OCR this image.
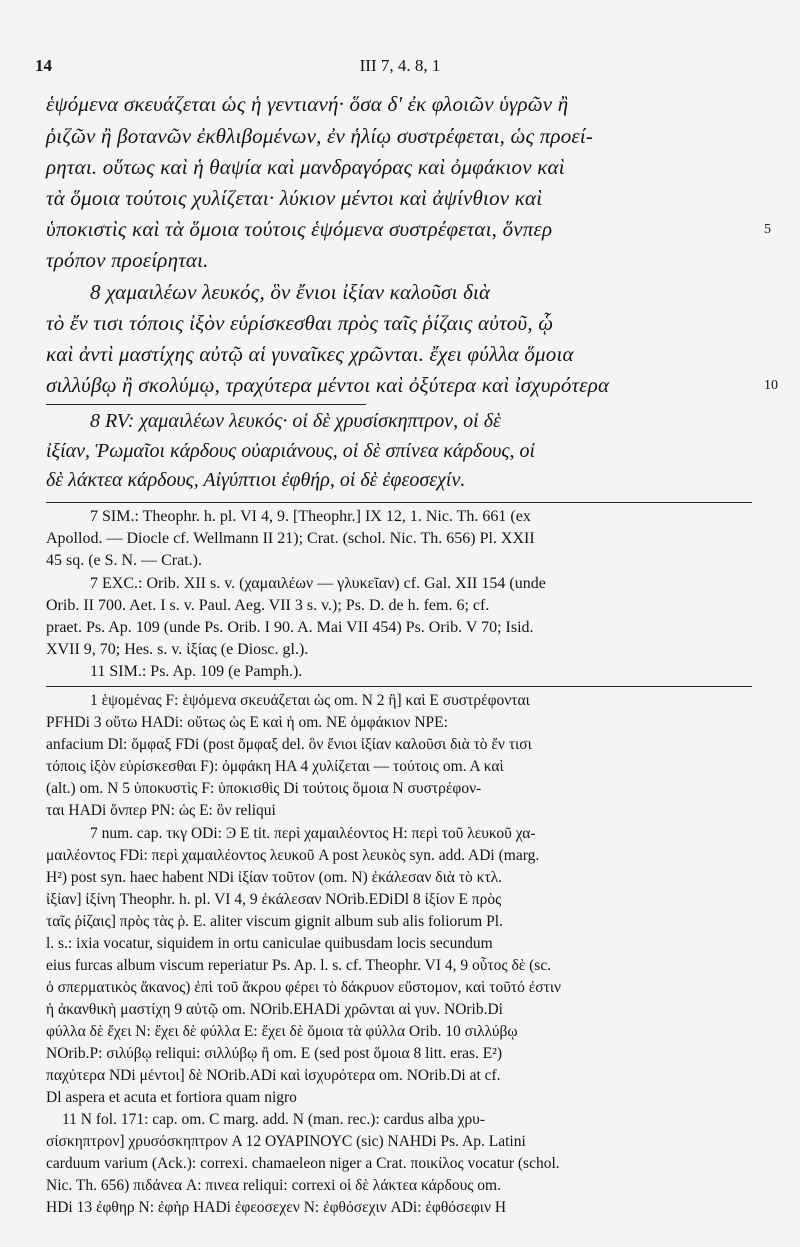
14	III 7, 4. 8, 1
ἑψόμενα σκευάζεται ὡς ἡ γεντιανή· ὅσα δ' ἐκ φλοιῶν ὑγρῶν ἢ
ῥιζῶν ἢ βοτανῶν ἐκθλιβομένων, ἐν ἡλίῳ συστρέφεται, ὡς προεί-
ρηται. οὕτως καὶ ἡ θαψία καὶ μανδραγόρας καὶ ὀμφάκιον καὶ
τὰ ὅμοια τούτοις χυλίζεται· λύκιον μέντοι καὶ ἀψίνθιον καὶ
ὑποκιστὶς καὶ τὰ ὅμοια τούτοις ἑψόμενα συστρέφεται, ὅνπερ
τρόπον προείρηται.
8 χαμαιλέων λευκός, ὃν ἔνιοι ἰξίαν καλοῦσι διὰ
τὸ ἔν τισι τόποις ἰξὸν εὑρίσκεσθαι πρὸς ταῖς ῥίζαις αὐτοῦ, ᾧ
καὶ ἀντὶ μαστίχης αὐτῷ αἱ γυναῖκες χρῶνται. ἔχει φύλλα ὅμοια
σιλλύβῳ ἢ σκολύμῳ, τραχύτερα μέντοι καὶ ὀξύτερα καὶ ἰσχυρότερα
5
10
8 RV: χαμαιλέων λευκός· οἱ δὲ χρυσίσκηπτρον, οἱ δὲ
ἰξίαν, Ῥωμαῖοι κάρδους οὐαριάνους, οἱ δὲ σπίνεα κάρδους, οἱ
δὲ λάκτεα κάρδους, Αἰγύπτιοι ἐφθήρ, οἱ δὲ ἐφεοσεχίν.
7 SIM.: Theophr. h. pl. VI 4, 9. [Theophr.] IX 12, 1. Nic. Th. 661 (ex
Apollod. — Diocle cf. Wellmann II 21); Crat. (schol. Nic. Th. 656) Pl. XXII
45 sq. (e S. N. — Crat.).
7 EXC.: Orib. XII s. v. (χαμαιλέων — γλυκεῖαν) cf. Gal. XII 154 (unde
Orib. II 700. Aet. I s. v. Paul. Aeg. VII 3 s. v.); Ps. D. de h. fem. 6; cf.
praet. Ps. Ap. 109 (unde Ps. Orib. I 90. A. Mai VII 454) Ps. Orib. V 70; Isid.
XVII 9, 70; Hes. s. v. ἰξίας (e Diosc. gl.).
11 SIM.: Ps. Ap. 109 (e Pamph.).
1 ἑψομένας F: ἑψόμενα σκευάζεται ὡς om. N 2 ἢ] καὶ E συστρέφονται
PFHDi 3 οὕτω HADi: οὕτως ὡς E καὶ ἡ om. NE ὀμφάκιον NPE:
anfacium Dl: ὄμφαξ FDi (post ὄμφαξ del. ὃν ἔνιοι ἰξίαν καλοῦσι διὰ τὸ ἔν τισι
τόποις ἰξὸν εὑρίσκεσθαι F): ὀμφάκη HA 4 χυλίζεται — τούτοις om. A καὶ
(alt.) om. N 5 ὑποκυστὶς F: ὑποκισθὶς Di τούτοις ὅμοια N συστρέφον-
ται HADi ὅνπερ PN: ὡς E: ὃν reliqui
7 num. cap. τκγ ODi: Ͽ E tit. περὶ χαμαιλέοντος H: περὶ τοῦ λευκοῦ χα-
μαιλέοντος FDi: περὶ χαμαιλέοντος λευκοῦ A post λευκὸς syn. add. ADi (marg.
H²) post syn. haec habent NDi ἰξίαν τοῦτον (om. N) ἐκάλεσαν διὰ τὸ κτλ.
ἰξίαν] ἰξίνη Theophr. h. pl. VI 4, 9 ἐκάλεσαν NOrib.EDiDl 8 ἰξίον E πρὸς
ταῖς ῥίζαις] πρὸς τὰς ῥ. E. aliter viscum gignit album sub alis foliorum Pl.
l. s.: ixia vocatur, siquidem in ortu caniculae quibusdam locis secundum
eius furcas album viscum reperiatur Ps. Ap. l. s. cf. Theophr. VI 4, 9 οὗτος δὲ (sc.
ὁ σπερματικὸς ἄκανος) ἐπὶ τοῦ ἄκρου φέρει τὸ δάκρυον εὔστομον, καὶ τοῦτό ἐστιν
ἡ ἀκανθικὴ μαστίχη 9 αὐτῷ om. NOrib.EHADi χρῶνται αἱ γυν. NOrib.Di
φύλλα δὲ ἔχει N: ἔχει δὲ φύλλα E: ἔχει δὲ ὅμοια τὰ φύλλα Orib. 10 σιλλύβῳ
NOrib.P: σιλύβῳ reliqui: σιλλύβῳ ἢ om. E (sed post ὅμοια 8 litt. eras. E²)
παχύτερα NDi μέντοι] δὲ NOrib.ADi καὶ ἰσχυρότερα om. NOrib.Di at cf.
Dl aspera et acuta et fortiora quam nigro
11 N fol. 171: cap. om. C marg. add. N (man. rec.): cardus alba χρυ-
σίσκηπτρον] χρυσόσκηπτρον A 12 ΟΥΑΡΙΝΟΥϹ (sic) NAHDi Ps. Ap. Latini
carduum varium (Ack.): correxi. chamaeleon niger a Crat. ποικίλος vocatur (schol.
Nic. Th. 656) πιδάνεα A: πινεα reliqui: correxi οἱ δὲ λάκτεα κάρδους om.
HDi 13 ἐφθηρ N: ἐφὴρ HADi ἐφεοσεχεν N: ἐφθόσεχιν ADi: ἐφθόσεφιν H
